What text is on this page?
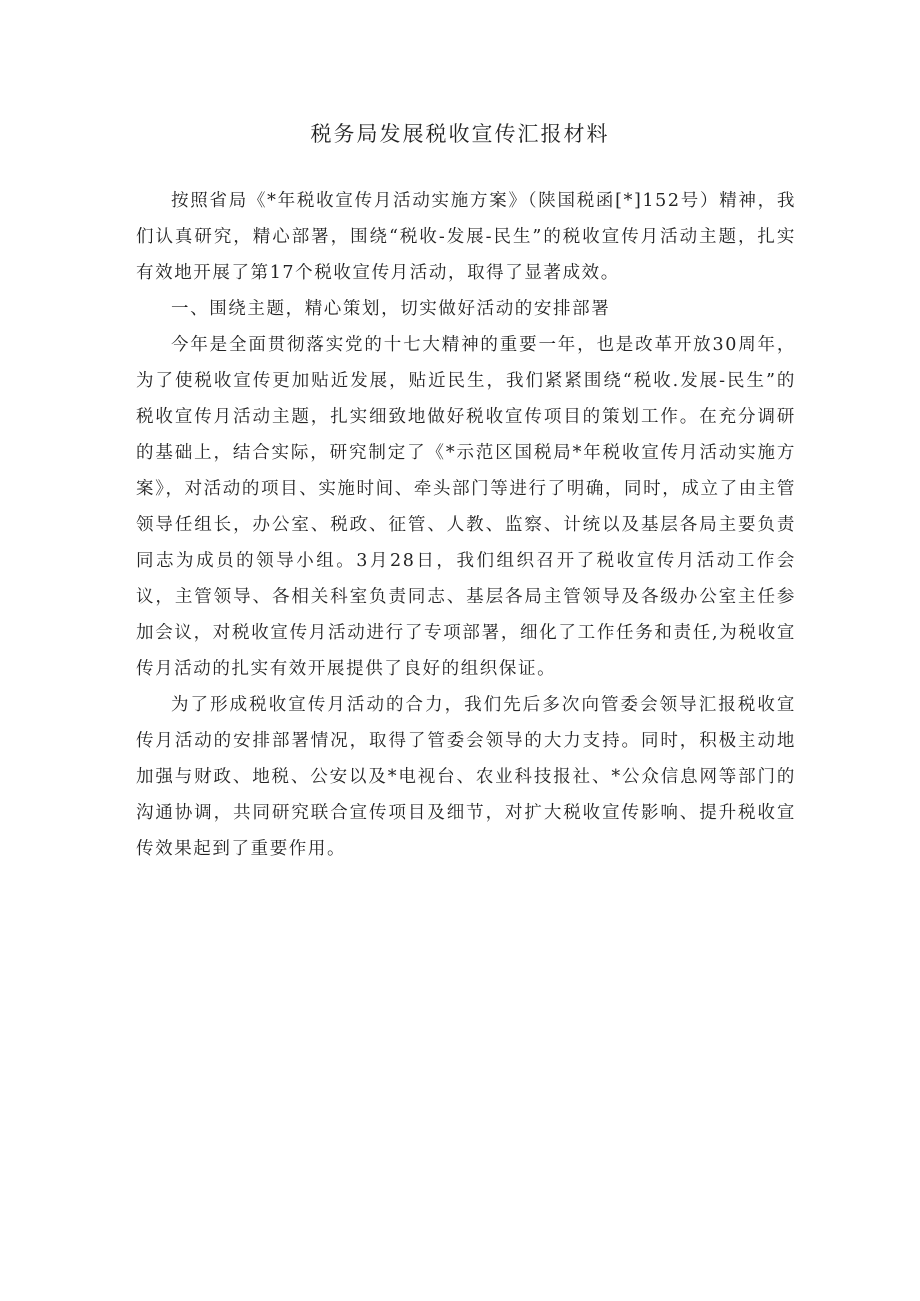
税务局发展税收宣传汇报材料

按照省局《*年税收宣传月活动实施方案》（陕国税函[*]152号）精神，我们认真研究，精心部署，围绕“税收-发展-民生”的税收宣传月活动主题，扎实有效地开展了第17个税收宣传月活动，取得了显著成效。

一、围绕主题，精心策划，切实做好活动的安排部署

今年是全面贯彻落实党的十七大精神的重要一年，也是改革开放30周年，为了使税收宣传更加贴近发展，贴近民生，我们紧紧围绕“税收.发展-民生”的税收宣传月活动主题，扎实细致地做好税收宣传项目的策划工作。在充分调研的基础上，结合实际，研究制定了《*示范区国税局*年税收宣传月活动实施方案》，对活动的项目、实施时间、牵头部门等进行了明确，同时，成立了由主管领导任组长，办公室、税政、征管、人教、监察、计统以及基层各局主要负责同志为成员的领导小组。3月28日，我们组织召开了税收宣传月活动工作会议，主管领导、各相关科室负责同志、基层各局主管领导及各级办公室主任参加会议，对税收宣传月活动进行了专项部署，细化了工作任务和责任,为税收宣传月活动的扎实有效开展提供了良好的组织保证。

为了形成税收宣传月活动的合力，我们先后多次向管委会领导汇报税收宣传月活动的安排部署情况，取得了管委会领导的大力支持。同时，积极主动地加强与财政、地税、公安以及*电视台、农业科技报社、*公众信息网等部门的沟通协调，共同研究联合宣传项目及细节，对扩大税收宣传影响、提升税收宣传效果起到了重要作用。
